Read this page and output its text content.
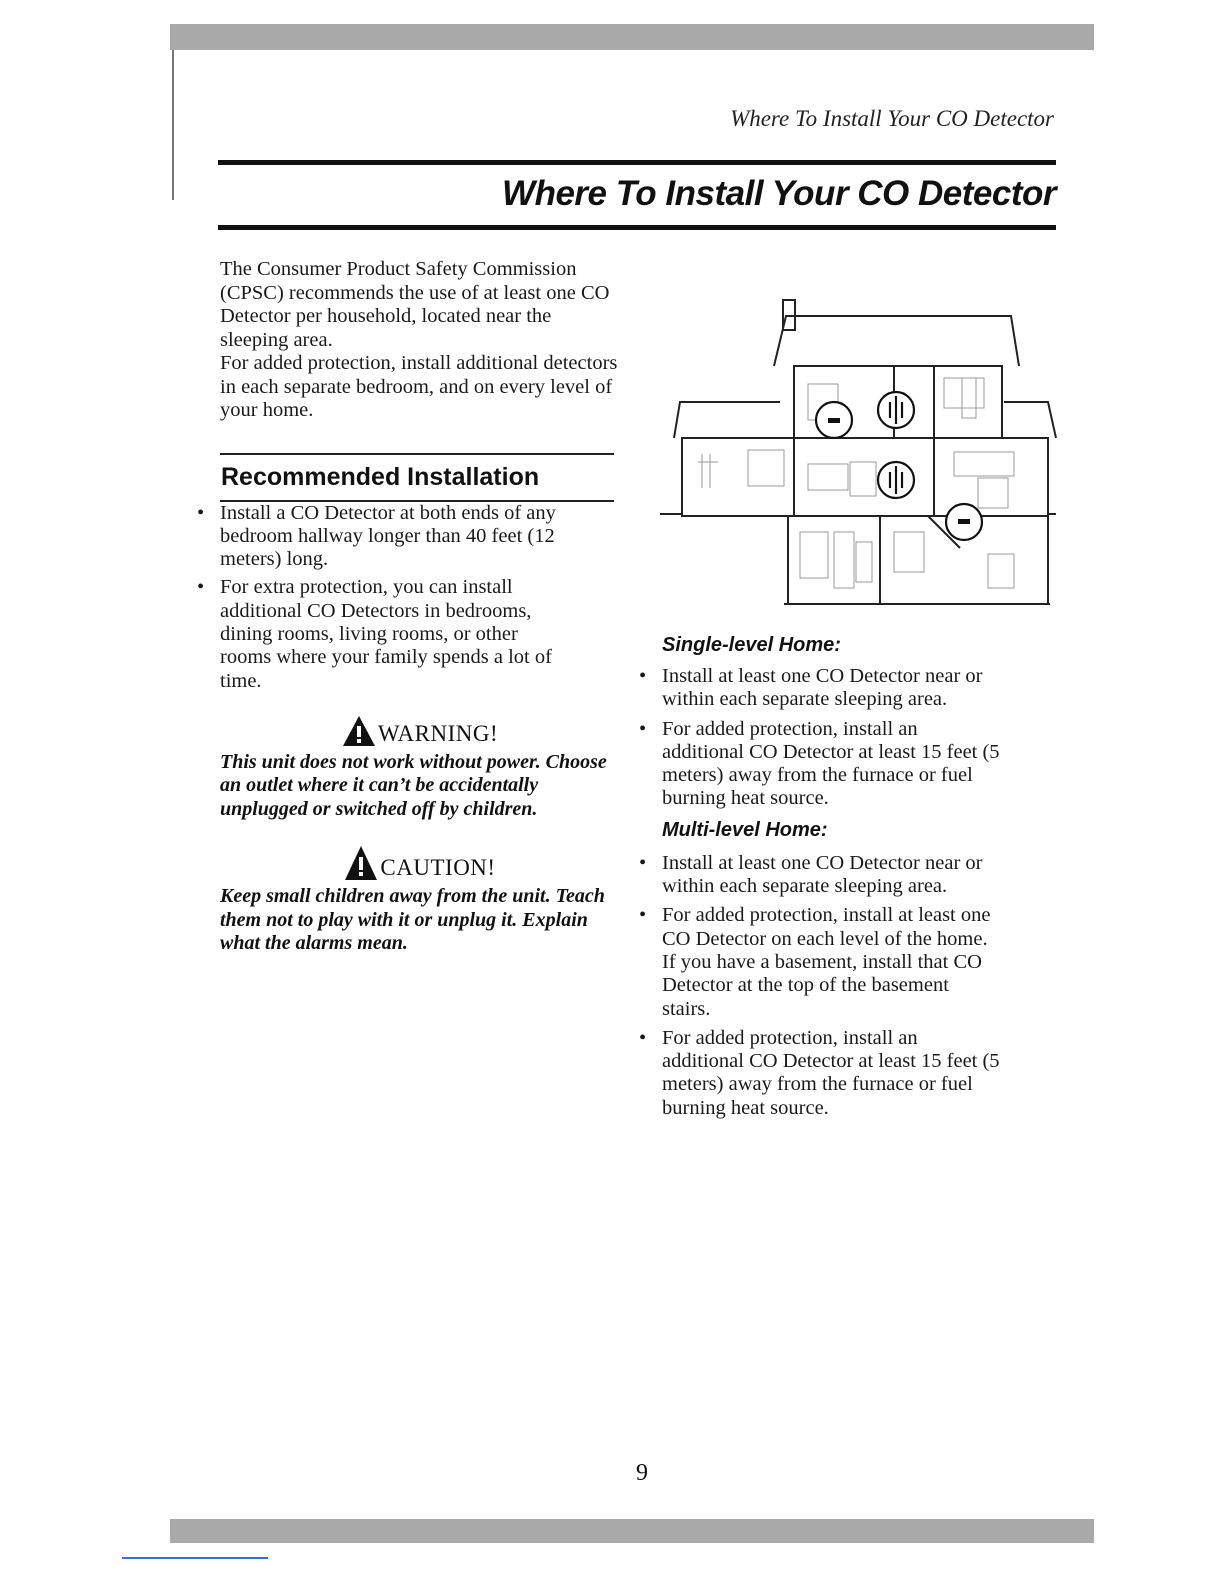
Where To Install Your CO Detector
Where To Install Your CO Detector

The Consumer Product Safety Commission (CPSC) recommends the use of at least one CO Detector per household, located near the sleeping area.

For added protection, install additional detectors in each separate bedroom, and on every level of your home.

Recommended Installation
• Install a CO Detector at both ends of any bedroom hallway longer than 40 feet (12 meters) long.
• For extra protection, you can install additional CO Detectors in bedrooms, dining rooms, living rooms, or other rooms where your family spends a lot of time.
WARNING!

This unit does not work without power. Choose an outlet where it can’t be accidentally unplugged or switched off by children.

CAUTION!

Keep small children away from the unit. Teach them not to play with it or unplug it. Explain what the alarms mean.

Single-level Home:
• Install at least one CO Detector near or within each separate sleeping area.
• For added protection, install an additional CO Detector at least 15 feet (5 meters) away from the furnace or fuel burning heat source.
Multi-level Home:
• Install at least one CO Detector near or within each separate sleeping area.
• For added protection, install at least one CO Detector on each level of the home. If you have a basement, install that CO Detector at the top of the basement stairs.
• For added protection, install an additional CO Detector at least 15 feet (5 meters) away from the furnace or fuel burning heat source.
9
